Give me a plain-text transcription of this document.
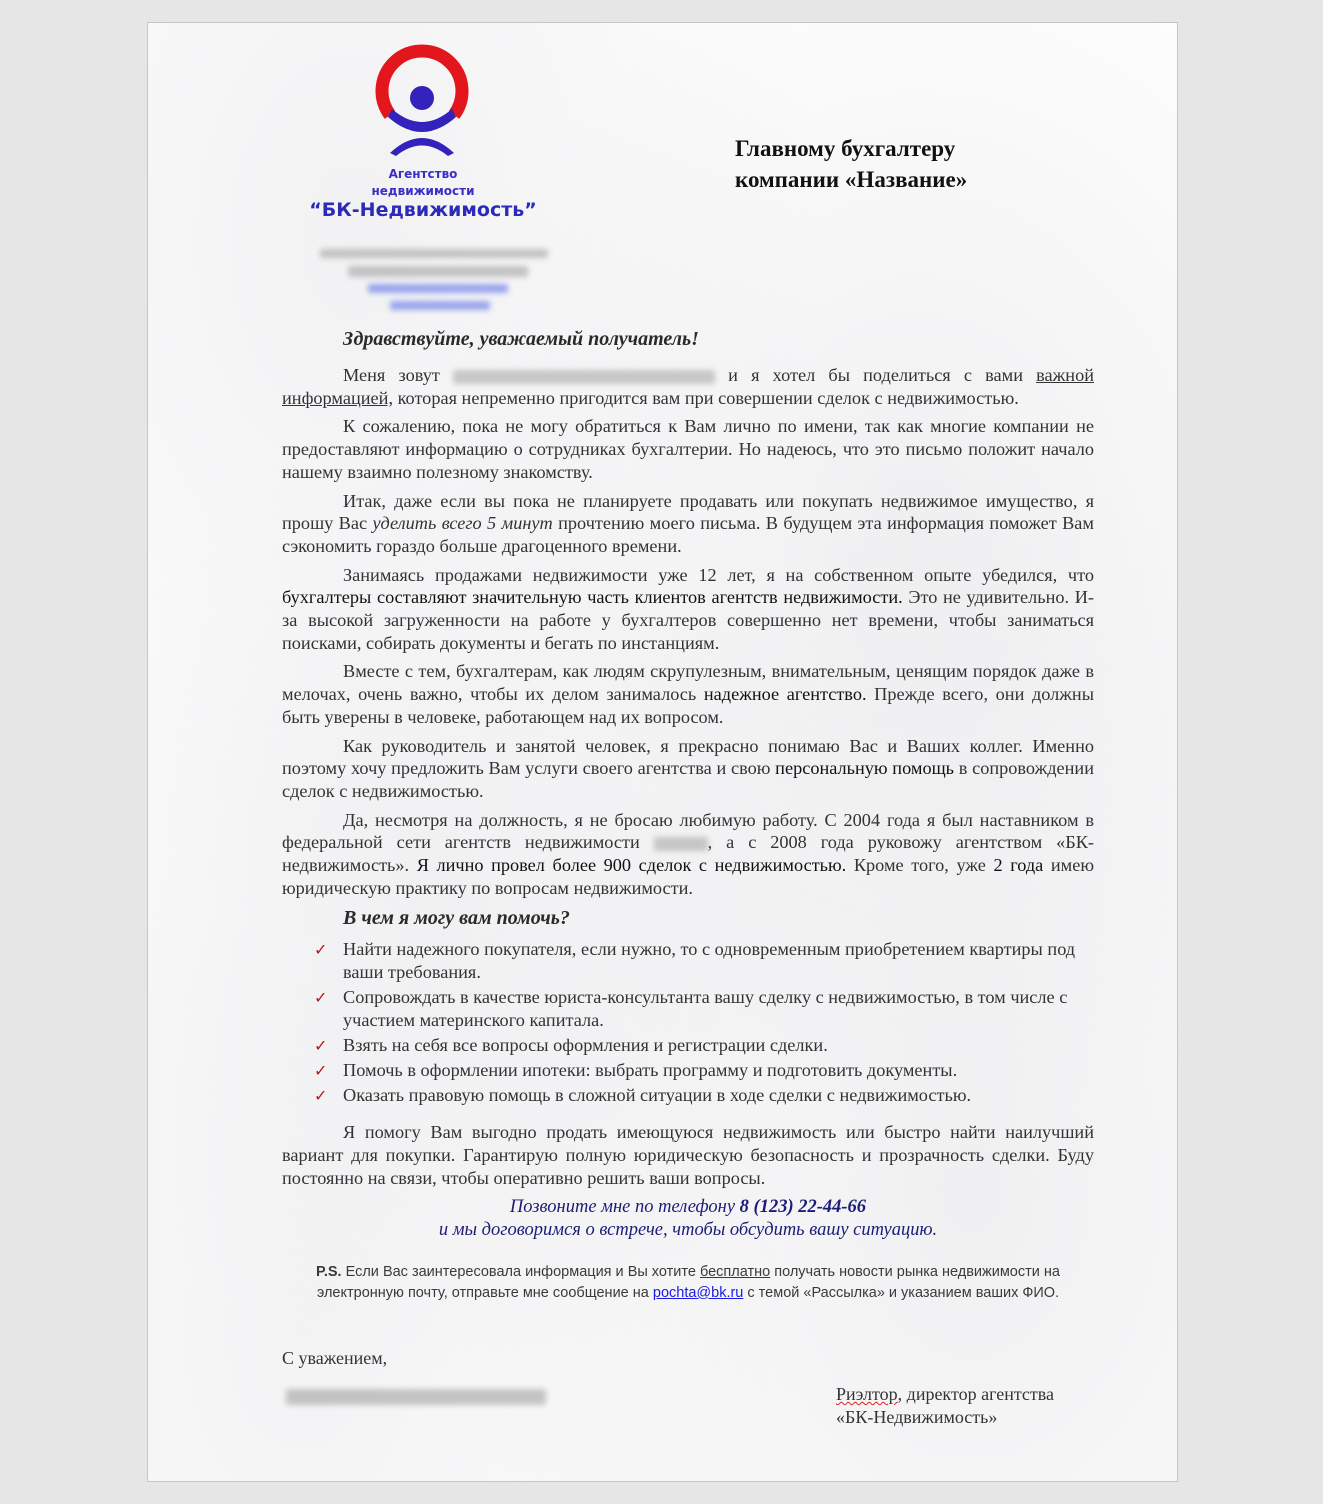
Агентство
недвижимости
“БК-Недвижимость”
Главному бухгалтеру
компании «Название»
Здравствуйте, уважаемый получатель!

Меня зовут	и я хотел бы поделиться с вами важной информацией, которая непременно пригодится вам при совершении сделок с недвижимостью.

К сожалению, пока не могу обратиться к Вам лично по имени, так как многие компании не предоставляют информацию о сотрудниках бухгалтерии. Но надеюсь, что это письмо положит начало нашему взаимно полезному знакомству.

Итак, даже если вы пока не планируете продавать или покупать недвижимое имущество, я прошу Вас уделить всего 5 минут прочтению моего письма. В будущем эта информация поможет Вам сэкономить гораздо больше драгоценного времени.

Занимаясь продажами недвижимости уже 12 лет, я на собственном опыте убедился, что бухгалтеры составляют значительную часть клиентов агентств недвижимости. Это не удивительно. И-за высокой загруженности на работе у бухгалтеров совершенно нет времени, чтобы заниматься поисками, собирать документы и бегать по инстанциям.

Вместе с тем, бухгалтерам, как людям скрупулезным, внимательным, ценящим порядок даже в мелочах, очень важно, чтобы их делом занималось надежное агентство. Прежде всего, они должны быть уверены в человеке, работающем над их вопросом.

Как руководитель и занятой человек, я прекрасно понимаю Вас и Ваших коллег. Именно поэтому хочу предложить Вам услуги своего агентства и свою персональную помощь в сопровождении сделок с недвижимостью.

Да, несмотря на должность, я не бросаю любимую работу. С 2004 года я был наставником в федеральной сети агентств недвижимости	, а с 2008 года руковожу агентством «БК-недвижимость». Я лично провел более 900 сделок с недвижимостью. Кроме того, уже 2 года имею юридическую практику по вопросам недвижимости.

В чем я могу вам помочь?
✓ Найти надежного покупателя, если нужно, то с одновременным приобретением квартиры под ваши требования.
✓ Сопровождать в качестве юриста-консультанта вашу сделку с недвижимостью, в том числе с участием материнского капитала.
✓ Взять на себя все вопросы оформления и регистрации сделки.
✓ Помочь в оформлении ипотеки: выбрать программу и подготовить документы.
✓ Оказать правовую помощь в сложной ситуации в ходе сделки с недвижимостью.

Я помогу Вам выгодно продать имеющуюся недвижимость или быстро найти наилучший вариант для покупки. Гарантирую полную юридическую безопасность и прозрачность сделки. Буду постоянно на связи, чтобы оперативно решить ваши вопросы.

Позвоните мне по телефону 8 (123) 22-44-66
и мы договоримся о встрече, чтобы обсудить вашу ситуацию.
P.S. Если Вас заинтересовала информация и Вы хотите бесплатно получать новости рынка недвижимости на электронную почту, отправьте мне сообщение на pochta@bk.ru с темой «Рассылка» и указанием ваших ФИО.
С уважением,
Риэлтор, директор агентства
«БК-Недвижимость»
